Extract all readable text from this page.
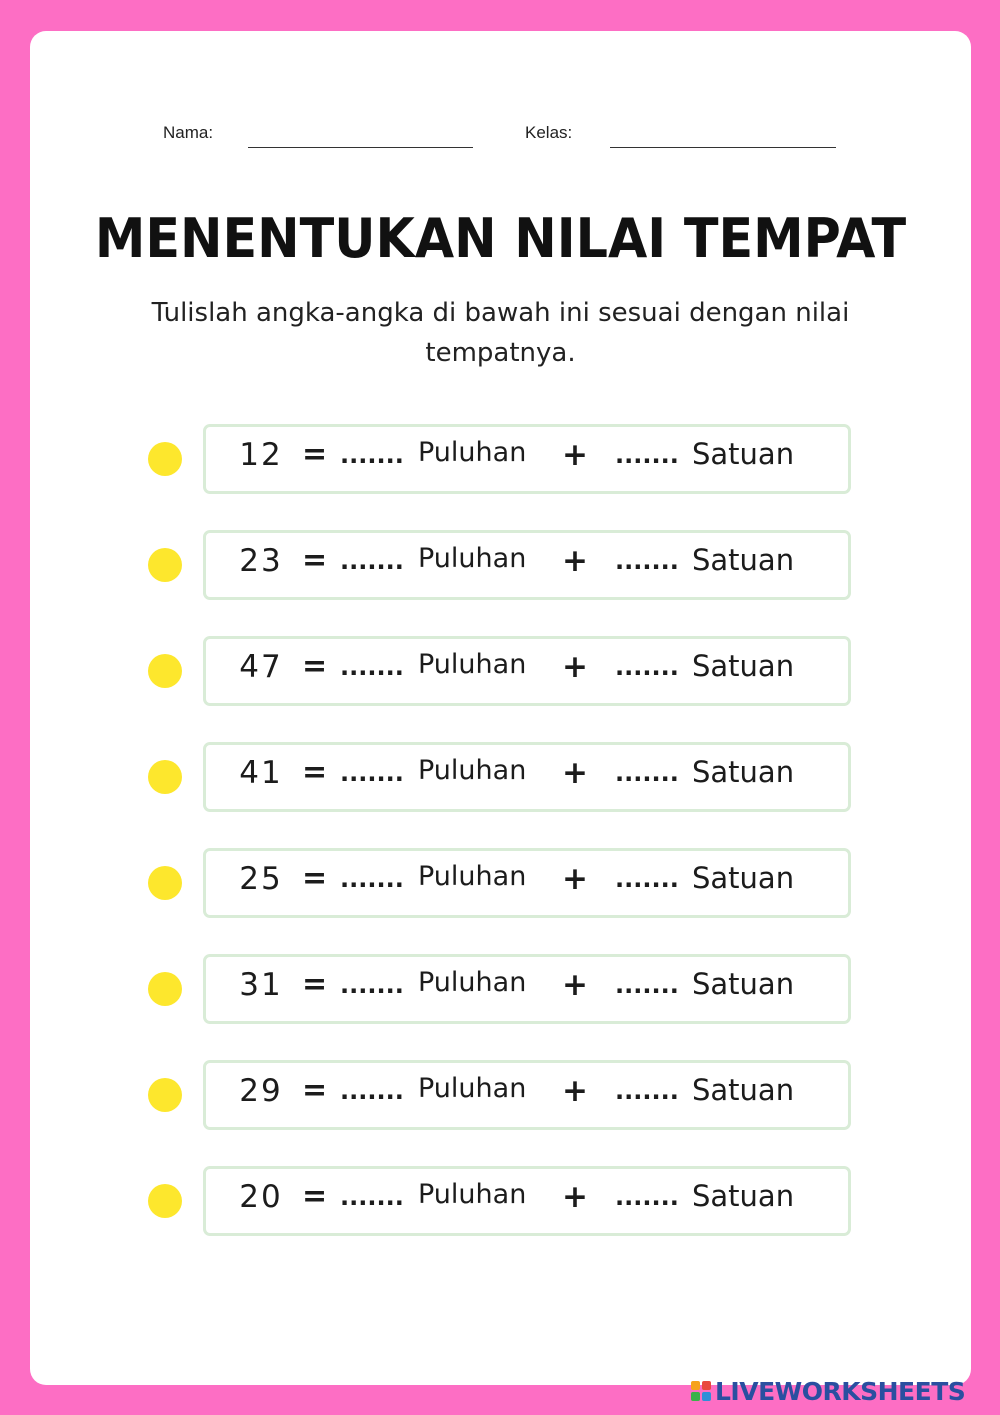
Nama:	Kelas:
MENENTUKAN NILAI TEMPAT
Tulislah angka-angka di bawah ini sesuai dengan nilai tempatnya.
12 = ....... Puluhan + ....... Satuan
23 = ....... Puluhan + ....... Satuan
47 = ....... Puluhan + ....... Satuan
41 = ....... Puluhan + ....... Satuan
25 = ....... Puluhan + ....... Satuan
31 = ....... Puluhan + ....... Satuan
29 = ....... Puluhan + ....... Satuan
20 = ....... Puluhan + ....... Satuan
LIVEWORKSHEETS
